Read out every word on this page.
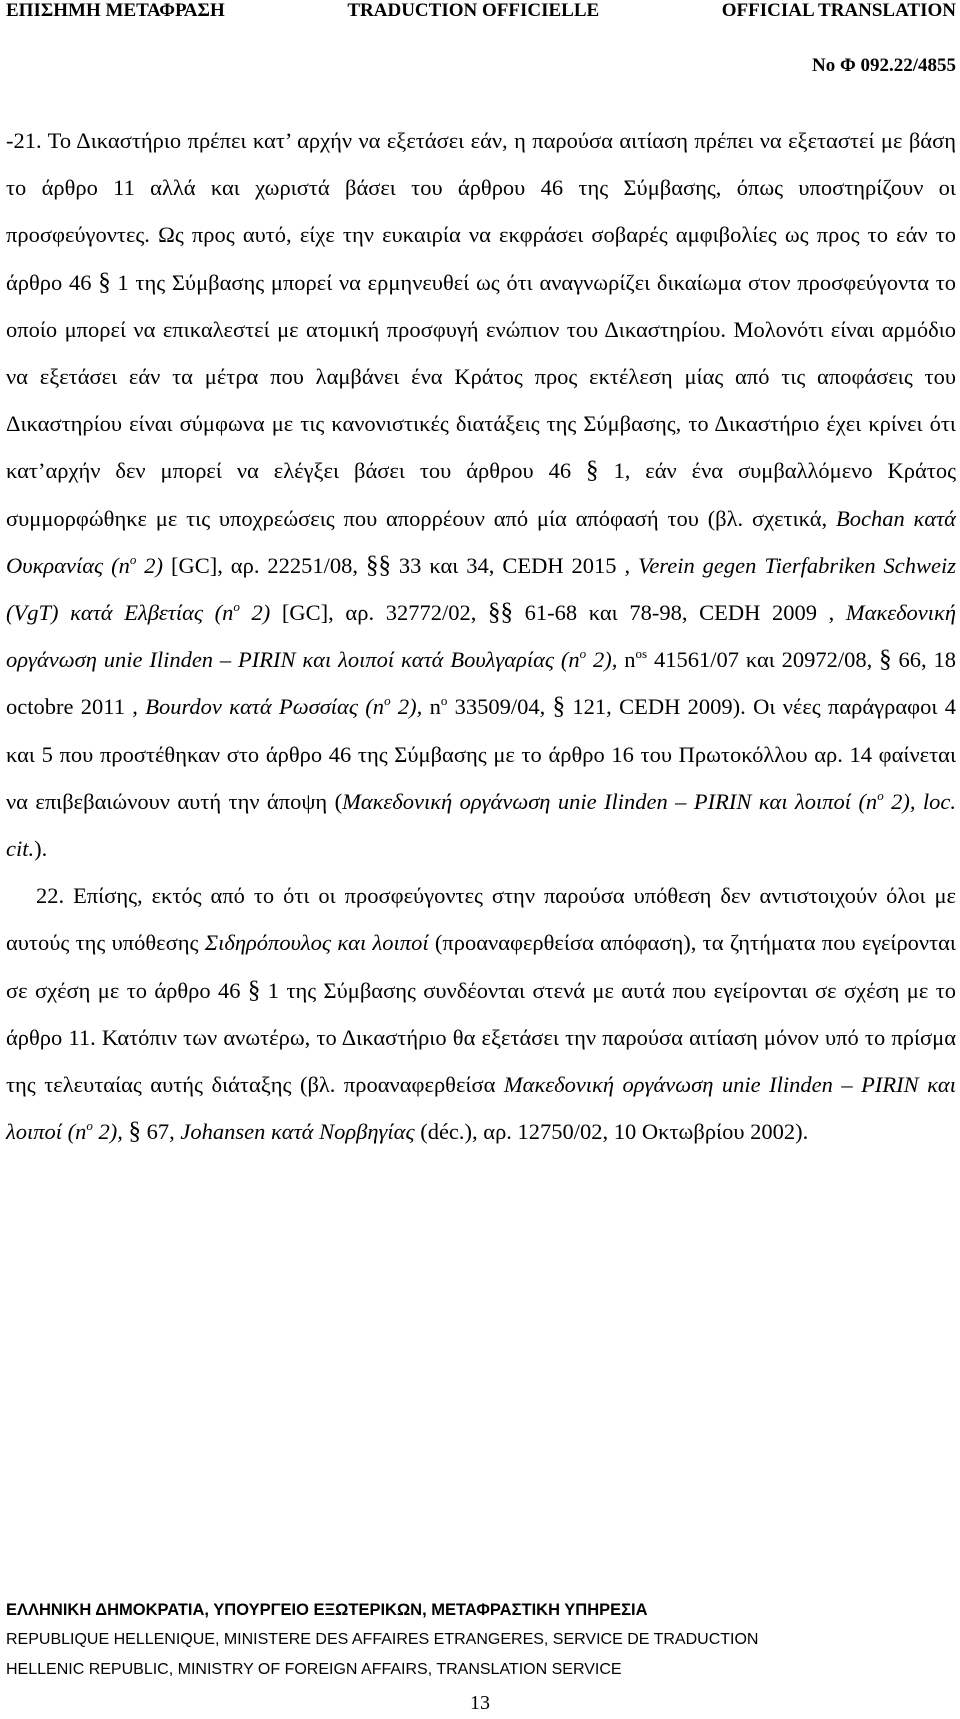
ΕΠΙΣΗΜΗ ΜΕΤΑΦΡΑΣΗ	TRADUCTION OFFICIELLE	OFFICIAL TRANSLATION
Νο Φ 092.22/4855

-21. Το Δικαστήριο πρέπει κατ’ αρχήν να εξετάσει εάν, η παρούσα αιτίαση πρέπει να εξεταστεί με βάση το άρθρο 11 αλλά και χωριστά βάσει του άρθρου 46 της Σύμβασης, όπως υποστηρίζουν οι προσφεύγοντες. Ως προς αυτό, είχε την ευκαιρία να εκφράσει σοβαρές αμφιβολίες ως προς το εάν το άρθρο 46 § 1 της Σύμβασης μπορεί να ερμηνευθεί ως ότι αναγνωρίζει δικαίωμα στον προσφεύγοντα το οποίο μπορεί να επικαλεστεί με ατομική προσφυγή ενώπιον του Δικαστηρίου. Μολονότι είναι αρμόδιο να εξετάσει εάν τα μέτρα που λαμβάνει ένα Κράτος προς εκτέλεση μίας από τις αποφάσεις του Δικαστηρίου είναι σύμφωνα με τις κανονιστικές διατάξεις της Σύμβασης, το Δικαστήριο έχει κρίνει ότι κατ’αρχήν δεν μπορεί να ελέγξει βάσει του άρθρου 46 § 1, εάν ένα συμβαλλόμενο Κράτος συμμορφώθηκε με τις υποχρεώσεις που απορρέουν από μία απόφασή του (βλ. σχετικά, Bochan κατά Ουκρανίας ($n^o$ 2) [GC], αρ. 22251/08, §§ 33 και 34, CEDH 2015 , Verein gegen Tierfabriken Schweiz (VgT) κατά Ελβετίας ($n^o$ 2) [GC], αρ. 32772/02, §§ 61-68 και 78-98, CEDH 2009 , Μακεδονική οργάνωση unie Ilinden – PIRIN και λοιποί κατά Βουλγαρίας ($n^o$ 2), $n^{os}$ 41561/07 και 20972/08, § 66, 18 octobre 2011 , Bourdov κατά Ρωσσίας ($n^o$ 2), $n^o$ 33509/04, § 121, CEDH 2009). Οι νέες παράγραφοι 4 και 5 που προστέθηκαν στο άρθρο 46 της Σύμβασης με το άρθρο 16 του Πρωτοκόλλου αρ. 14 φαίνεται να επιβεβαιώνουν αυτή την άποψη (Μακεδονική οργάνωση unie Ilinden – PIRIN και λοιποί ($n^o$ 2), loc. cit.).

22. Επίσης, εκτός από το ότι οι προσφεύγοντες στην παρούσα υπόθεση δεν αντιστοιχούν όλοι με αυτούς της υπόθεσης Σιδηρόπουλος και λοιποί (προαναφερθείσα απόφαση), τα ζητήματα που εγείρονται σε σχέση με το άρθρο 46 § 1 της Σύμβασης συνδέονται στενά με αυτά που εγείρονται σε σχέση με το άρθρο 11. Κατόπιν των ανωτέρω, το Δικαστήριο θα εξετάσει την παρούσα αιτίαση μόνον υπό το πρίσμα της τελευταίας αυτής διάταξης (βλ. προαναφερθείσα Μακεδονική οργάνωση unie Ilinden – PIRIN και λοιποί ($n^o$ 2), § 67, Johansen κατά Νορβηγίας (déc.), αρ. 12750/02, 10 Οκτωβρίου 2002).

ΕΛΛΗΝΙΚΗ ΔΗΜΟΚΡΑΤΙΑ, ΥΠΟΥΡΓΕΙΟ ΕΞΩΤΕΡΙΚΩΝ, ΜΕΤΑΦΡΑΣΤΙΚΗ ΥΠΗΡΕΣΙΑ
REPUBLIQUE HELLENIQUE, MINISTERE DES AFFAIRES ETRANGERES, SERVICE DE TRADUCTION
HELLENIC REPUBLIC, MINISTRY OF FOREIGN AFFAIRS, TRANSLATION SERVICE
13
